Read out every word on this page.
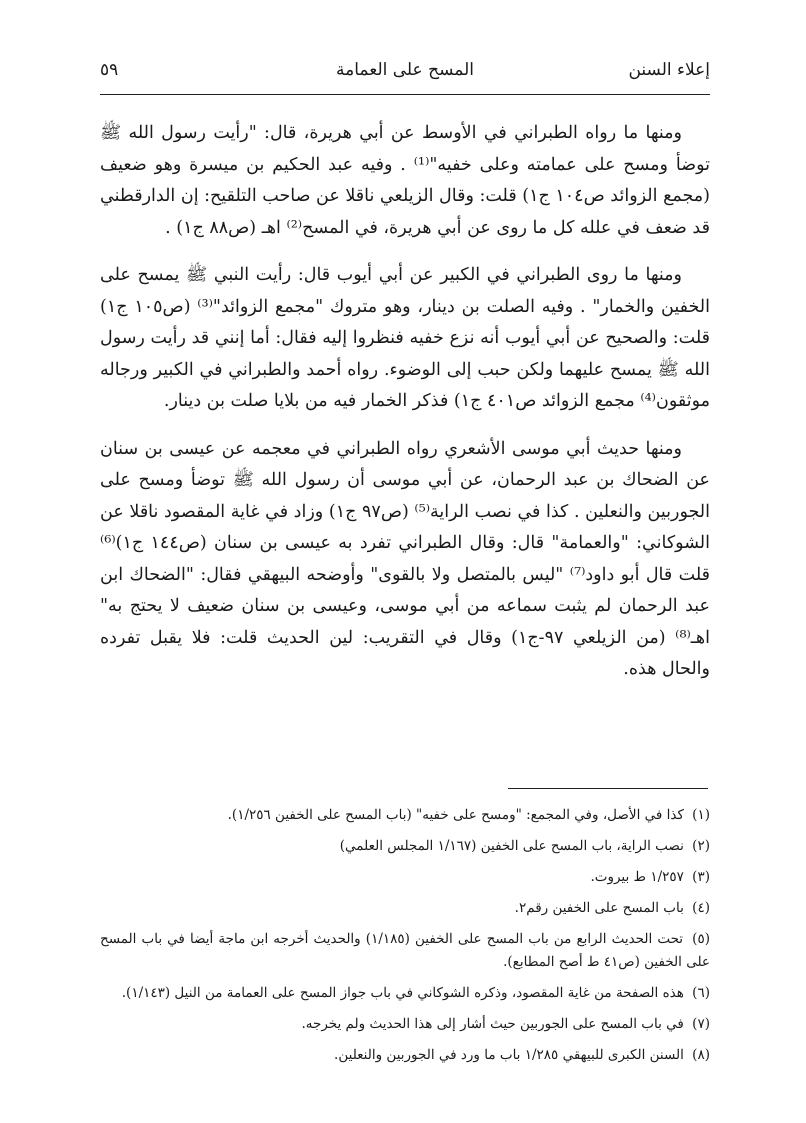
إعلاء السنن
المسح على العمامة
٥٩

ومنها ما رواه الطبراني في الأوسط عن أبي هريرة، قال: "رأيت رسول الله ﷺ توضأ ومسح على عمامته وعلى خفيه"⁽¹⁾ . وفيه عبد الحكيم بن ميسرة وهو ضعيف (مجمع الزوائد ص١٠٤ ج١) قلت: وقال الزيلعي ناقلا عن صاحب التلقيح: إن الدارقطني قد ضعف في علله كل ما روى عن أبي هريرة، في المسح⁽²⁾ اهـ (ص٨٨ ج١) .

ومنها ما روى الطبراني في الكبير عن أبي أيوب قال: رأيت النبي ﷺ يمسح على الخفين والخمار" . وفيه الصلت بن دينار، وهو متروك "مجمع الزوائد"⁽³⁾ (ص١٠٥ ج١) قلت: والصحيح عن أبي أيوب أنه نزع خفيه فنظروا إليه فقال: أما إنني قد رأيت رسول الله ﷺ يمسح عليهما ولكن حبب إلى الوضوء. رواه أحمد والطبراني في الكبير ورجاله موثقون⁽⁴⁾ مجمع الزوائد ص٤٠١ ج١) فذكر الخمار فيه من بلايا صلت بن دينار.

ومنها حديث أبي موسى الأشعري رواه الطبراني في معجمه عن عيسى بن سنان عن الضحاك بن عبد الرحمان، عن أبي موسى أن رسول الله ﷺ توضأ ومسح على الجوربين والنعلين . كذا في نصب الراية⁽⁵⁾ (ص٩٧ ج١) وزاد في غاية المقصود ناقلا عن الشوكاني: "والعمامة" قال: وقال الطبراني تفرد به عيسى بن سنان (ص١٤٤ ج١)⁽⁶⁾ قلت قال أبو داود⁽⁷⁾ "ليس بالمتصل ولا بالقوى" وأوضحه البيهقي فقال: "الضحاك ابن عبد الرحمان لم يثبت سماعه من أبي موسى، وعيسى بن سنان ضعيف لا يحتج به" اهـ⁽⁸⁾ (من الزيلعي ٩٧-ج١) وقال في التقريب: لين الحديث قلت: فلا يقبل تفرده والحال هذه.

(١) كذا في الأصل، وفي المجمع: "ومسح على خفيه" (باب المسح على الخفين ١/٢٥٦).
(٢) نصب الراية، باب المسح على الخفين (١/١٦٧ المجلس العلمي)
(٣) ١/٢٥٧ ط بيروت.
(٤) باب المسح على الخفين رقم٢.
(٥) تحت الحديث الرابع من باب المسح على الخفين (١/١٨٥) والحديث أخرجه ابن ماجة أيضا في باب المسح على الخفين (ص٤١ ط أصح المطابع).
(٦) هذه الصفحة من غاية المقصود، وذكره الشوكاني في باب جواز المسح على العمامة من النيل (١/١٤٣).
(٧) في باب المسح على الجوربين حيث أشار إلى هذا الحديث ولم يخرجه.
(٨) السنن الكبرى للبيهقي ١/٢٨٥ باب ما ورد في الجوربين والنعلين.
